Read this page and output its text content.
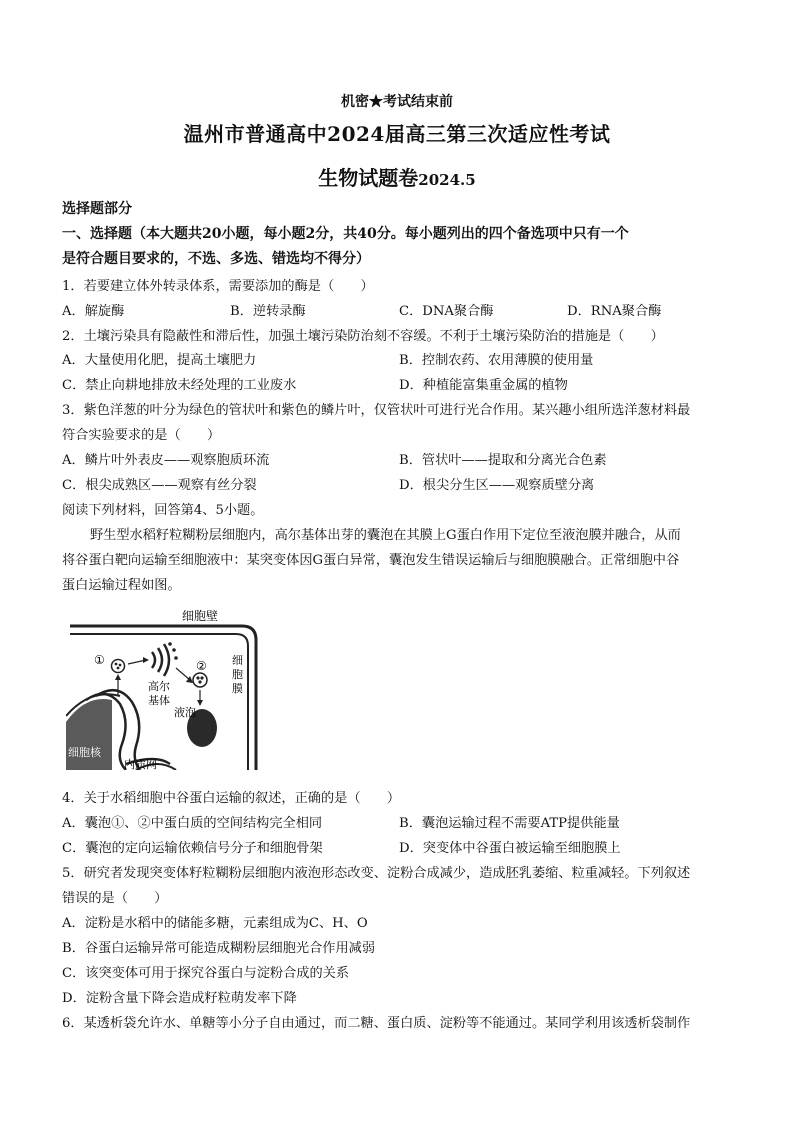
机密★考试结束前
温州市普通高中2024届高三第三次适应性考试
生物试题卷2024.5
选择题部分
一、选择题（本大题共20小题，每小题2分，共40分。每小题列出的四个备选项中只有一个
是符合题目要求的，不选、多选、错选均不得分）
1．若要建立体外转录体系，需要添加的酶是（　　）
A．解旋酶	B．逆转录酶	C．DNA聚合酶	D．RNA聚合酶
2．土壤污染具有隐蔽性和滞后性，加强土壤污染防治刻不容缓。不利于土壤污染防治的措施是（　　）
A．大量使用化肥，提高土壤肥力	B．控制农药、农用薄膜的使用量
C．禁止向耕地排放未经处理的工业废水	D．种植能富集重金属的植物
3．紫色洋葱的叶分为绿色的管状叶和紫色的鳞片叶，仅管状叶可进行光合作用。某兴趣小组所选洋葱材料最
符合实验要求的是（　　）
A．鳞片叶外表皮——观察胞质环流	B．管状叶——提取和分离光合色素
C．根尖成熟区——观察有丝分裂	D．根尖分生区——观察质壁分离
阅读下列材料，回答第4、5小题。
野生型水稻籽粒糊粉层细胞内，高尔基体出芽的囊泡在其膜上G蛋白作用下定位至液泡膜并融合，从而
将谷蛋白靶向运输至细胞液中：某突变体因G蛋白异常，囊泡发生错误运输后与细胞膜融合。正常细胞中谷
蛋白运输过程如图。
细胞壁
①	②
液泡
细胞核
内质网
高尔
基体
细
胞
膜
4．关于水稻细胞中谷蛋白运输的叙述，正确的是（　　）
A．囊泡①、②中蛋白质的空间结构完全相同	B．囊泡运输过程不需要ATP提供能量
C．囊泡的定向运输依赖信号分子和细胞骨架	D．突变体中谷蛋白被运输至细胞膜上
5．研究者发现突变体籽粒糊粉层细胞内液泡形态改变、淀粉合成减少，造成胚乳萎缩、粒重减轻。下列叙述
错误的是（　　）
A．淀粉是水稻中的储能多糖，元素组成为C、H、O
B．谷蛋白运输异常可能造成糊粉层细胞光合作用减弱
C．该突变体可用于探究谷蛋白与淀粉合成的关系
D．淀粉含量下降会造成籽粒萌发率下降
6．某透析袋允许水、单糖等小分子自由通过，而二糖、蛋白质、淀粉等不能通过。某同学利用该透析袋制作
